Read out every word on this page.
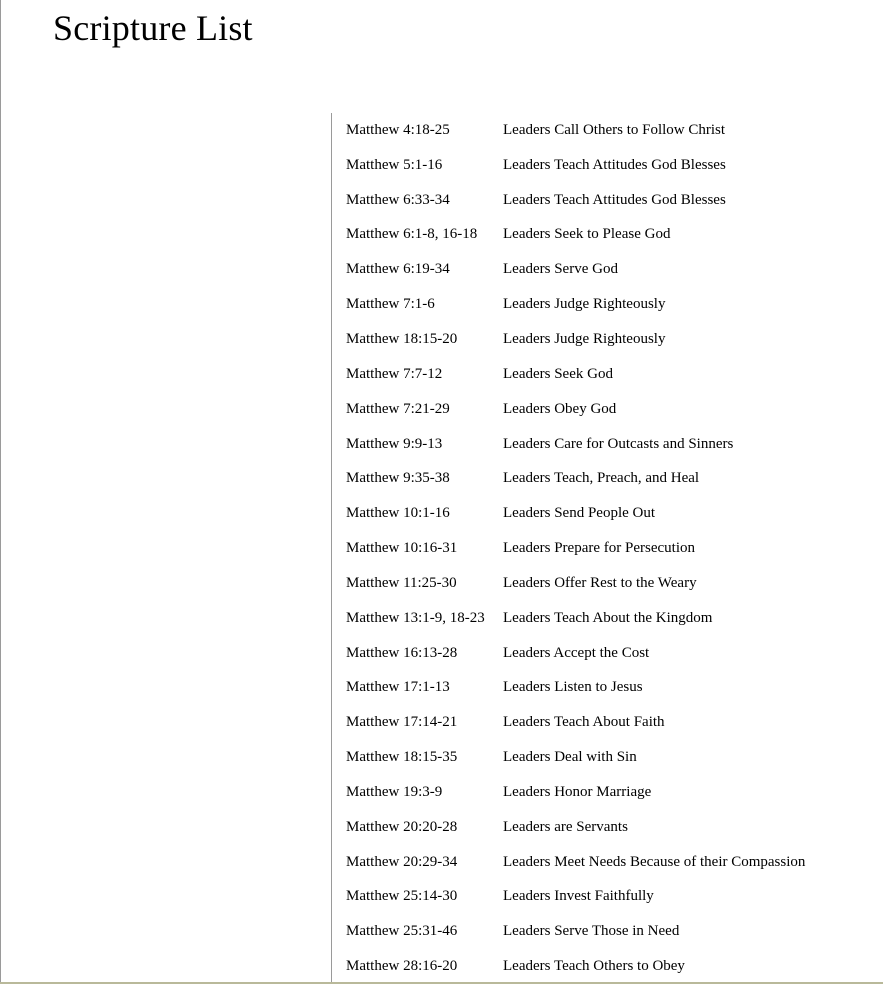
Scripture List
Matthew 4:18-25	Leaders Call Others to Follow Christ
Matthew 5:1-16	Leaders Teach Attitudes God Blesses
Matthew 6:33-34	Leaders Teach Attitudes God Blesses
Matthew 6:1-8, 16-18	Leaders Seek to Please God
Matthew 6:19-34	Leaders Serve God
Matthew 7:1-6	Leaders Judge Righteously
Matthew 18:15-20	Leaders Judge Righteously
Matthew 7:7-12	Leaders Seek God
Matthew 7:21-29	Leaders Obey God
Matthew 9:9-13	Leaders Care for Outcasts and Sinners
Matthew 9:35-38	Leaders Teach, Preach, and Heal
Matthew 10:1-16	Leaders Send People Out
Matthew 10:16-31	Leaders Prepare for Persecution
Matthew 11:25-30	Leaders Offer Rest to the Weary
Matthew 13:1-9, 18-23	Leaders Teach About the Kingdom
Matthew 16:13-28	Leaders Accept the Cost
Matthew 17:1-13	Leaders Listen to Jesus
Matthew 17:14-21	Leaders Teach About Faith
Matthew 18:15-35	Leaders Deal with Sin
Matthew 19:3-9	Leaders Honor Marriage
Matthew 20:20-28	Leaders are Servants
Matthew 20:29-34	Leaders Meet Needs Because of their Compassion
Matthew 25:14-30	Leaders Invest Faithfully
Matthew 25:31-46	Leaders Serve Those in Need
Matthew 28:16-20	Leaders Teach Others to Obey
